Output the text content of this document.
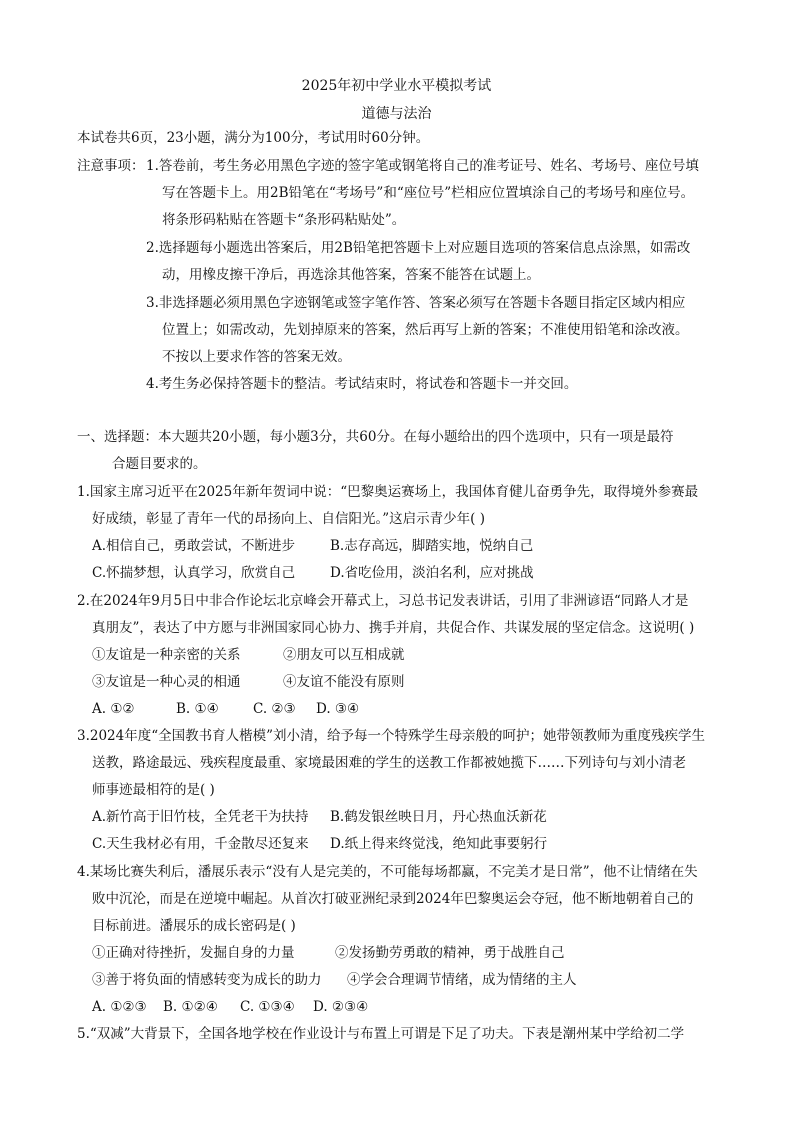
2025年初中学业水平模拟考试
道德与法治
本试卷共6页，23小题，满分为100分，考试用时60分钟。
注意事项： 1.答卷前，考生务必用黑色字迹的签字笔或钢笔将自己的准考证号、姓名、考场号、座位号填
写在答题卡上。用2B铅笔在“考场号”和“座位号”栏相应位置填涂自己的考场号和座位号。
将条形码粘贴在答题卡“条形码粘贴处”。
2.选择题每小题选出答案后，用2B铅笔把答题卡上对应题目选项的答案信息点涂黑，如需改
动，用橡皮擦干净后，再选涂其他答案，答案不能答在试题上。
3.非选择题必须用黑色字迹钢笔或签字笔作答、答案必须写在答题卡各题目指定区域内相应
位置上；如需改动，先划掉原来的答案，然后再写上新的答案；不准使用铅笔和涂改液。
不按以上要求作答的答案无效。
4.考生务必保持答题卡的整洁。考试结束时，将试卷和答题卡一并交回。
一、选择题：本大题共20小题，每小题3分，共60分。在每小题给出的四个选项中，只有一项是最符
合题目要求的。
1.国家主席习近平在2025年新年贺词中说：“巴黎奥运赛场上，我国体育健儿奋勇争先，取得境外参赛最
好成绩，彰显了青年一代的昂扬向上、自信阳光。”这启示青少年( )
A.相信自己，勇敢尝试，不断进步	B.志存高远，脚踏实地，悦纳自己
C.怀揣梦想，认真学习，欣赏自己	D.省吃俭用，淡泊名利，应对挑战
2.在2024年9月5日中非合作论坛北京峰会开幕式上，习总书记发表讲话，引用了非洲谚语“同路人才是
真朋友”，表达了中方愿与非洲国家同心协力、携手并肩，共促合作、共谋发展的坚定信念。这说明( )
①友谊是一种亲密的关系	②朋友可以互相成就
③友谊是一种心灵的相通	④友谊不能没有原则
A. ①②	B. ①④	C. ②③ D. ③④
3.2024年度“全国教书育人楷模”刘小清，给予每一个特殊学生母亲般的呵护；她带领教师为重度残疾学生
送教，路途最远、残疾程度最重、家境最困难的学生的送教工作都被她揽下……下列诗句与刘小清老
师事迹最相符的是( )
A.新竹高于旧竹枝，全凭老干为扶持 B.鹤发银丝映日月，丹心热血沃新花
C.天生我材必有用，千金散尽还复来 D.纸上得来终觉浅，绝知此事要躬行
4.某场比赛失利后，潘展乐表示“没有人是完美的，不可能每场都赢，不完美才是日常”，他不让情绪在失
败中沉沦，而是在逆境中崛起。从首次打破亚洲纪录到2024年巴黎奥运会夺冠，他不断地朝着自己的
目标前进。潘展乐的成长密码是( )
①正确对待挫折，发掘自身的力量	②发扬勤劳勇敢的精神，勇于战胜自己
③善于将负面的情感转变为成长的助力 ④学会合理调节情绪，成为情绪的主人
A. ①②③ B. ①②④ C. ①③④ D. ②③④
5.“双减”大背景下，全国各地学校在作业设计与布置上可谓是下足了功夫。下表是潮州某中学给初二学
